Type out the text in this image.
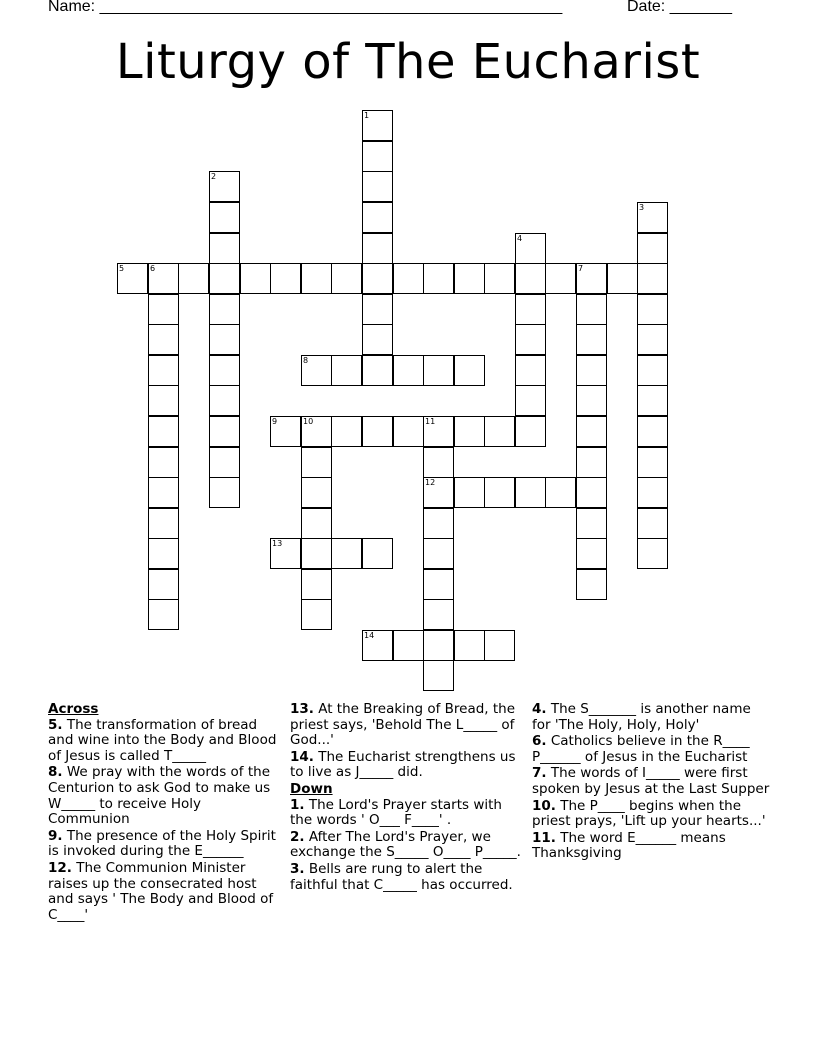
Name: ____________________________________________________	Date: _______
Liturgy of The Eucharist
1
2
3
4
5	6	7
8
9	10	11
12
13
14
Across
5. The transformation of bread and wine into the Body and Blood of Jesus is called T_____
8. We pray with the words of the Centurion to ask God to make us W_____ to receive Holy Communion
9. The presence of the Holy Spirit is invoked during the E______
12. The Communion Minister raises up the consecrated host and says ' The Body and Blood of C____'
13. At the Breaking of Bread, the priest says, 'Behold The L_____ of God...'
14. The Eucharist strengthens us to live as J_____ did.
Down
1. The Lord's Prayer starts with the words ' O___ F____' .
2. After The Lord's Prayer, we exchange the S_____ O____ P_____.
3. Bells are rung to alert the faithful that C_____ has occurred.
4. The S_______ is another name for 'The Holy, Holy, Holy'
6. Catholics believe in the R____ P______ of Jesus in the Eucharist
7. The words of I_____ were first spoken by Jesus at the Last Supper
10. The P____ begins when the priest prays, 'Lift up your hearts...'
11. The word E______ means Thanksgiving
